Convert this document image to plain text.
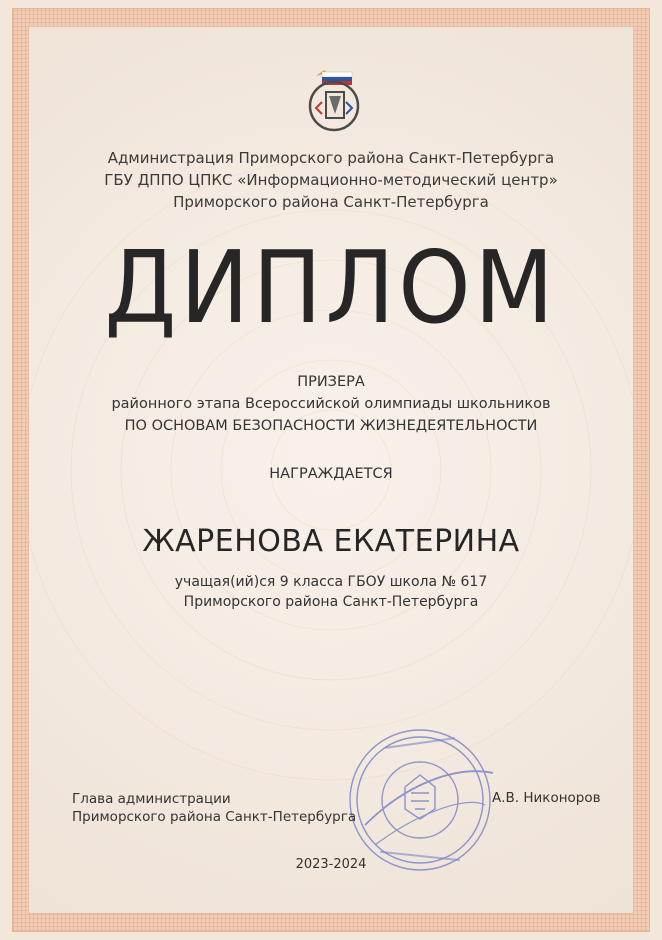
Администрация Приморского района Санкт-Петербурга
ГБУ ДППО ЦПКС «Информационно-методический центр»
Приморского района Санкт-Петербурга
ДИПЛОМ
ПРИЗЕРА
районного этапа Всероссийской олимпиады школьников
ПО ОСНОВАМ БЕЗОПАСНОСТИ ЖИЗНЕДЕЯТЕЛЬНОСТИ
НАГРАЖДАЕТСЯ
ЖАРЕНОВА ЕКАТЕРИНА
учащая(ий)ся 9 класса ГБОУ школа № 617
Приморского района Санкт-Петербурга
Глава администрации
Приморского района Санкт-Петербурга
А.В. Никоноров
2023-2024
